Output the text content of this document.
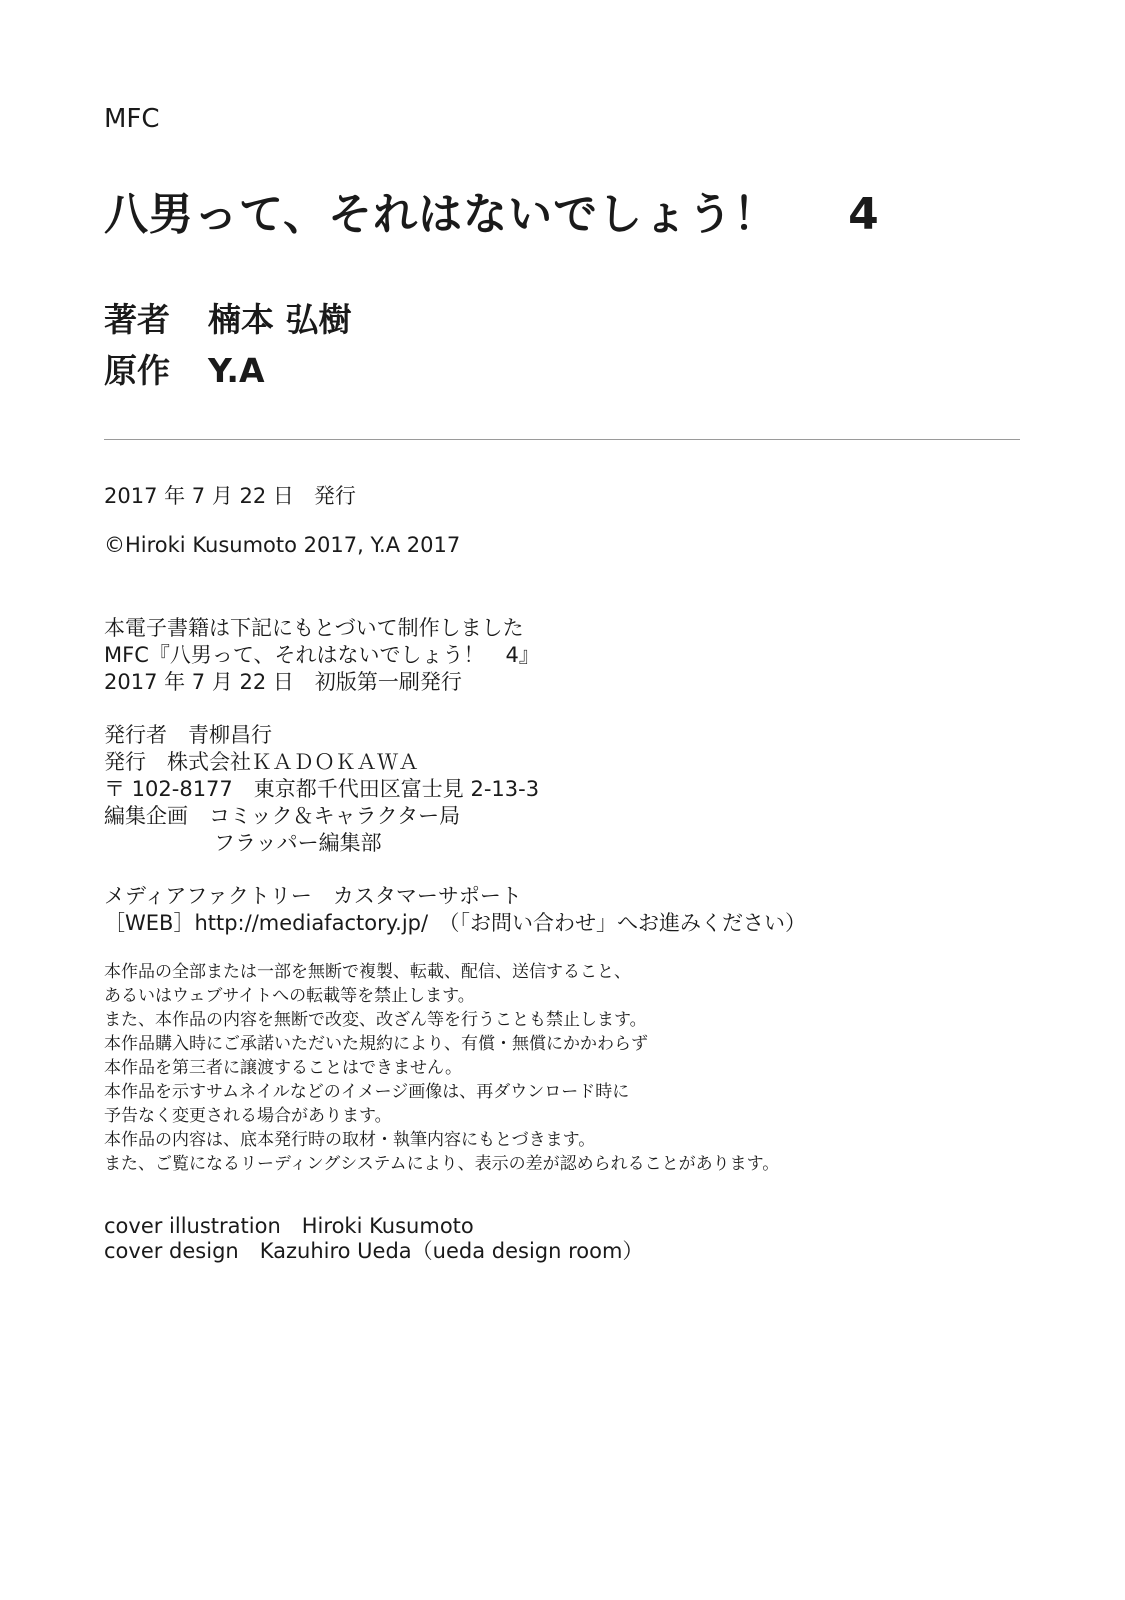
MFC
八男って、それはないでしょう！ 4
著者 楠本 弘樹
原作 Y.A
2017 年 7 月 22 日 発行
©Hiroki Kusumoto 2017, Y.A 2017
本電子書籍は下記にもとづいて制作しました
MFC『八男って、それはないでしょう！　4』
2017 年 7 月 22 日　初版第一刷発行
発行者　青柳昌行
発行　株式会社ＫＡＤＯＫＡＷＡ
〒 102-8177　東京都千代田区富士見 2-13-3
編集企画　コミック＆キャラクター局
フラッパー編集部
メディアファクトリー　カスタマーサポート
［WEB］http://mediafactory.jp/　（「お問い合わせ」へお進みください）
本作品の全部または一部を無断で複製、転載、配信、送信すること、
あるいはウェブサイトへの転載等を禁止します。
また、本作品の内容を無断で改変、改ざん等を行うことも禁止します。
本作品購入時にご承諾いただいた規約により、有償・無償にかかわらず
本作品を第三者に譲渡することはできません。
本作品を示すサムネイルなどのイメージ画像は、再ダウンロード時に
予告なく変更される場合があります。
本作品の内容は、底本発行時の取材・執筆内容にもとづきます。
また、ご覧になるリーディングシステムにより、表示の差が認められることがあります。
cover illustration　Hiroki Kusumoto
cover design　Kazuhiro Ueda（ueda design room）
